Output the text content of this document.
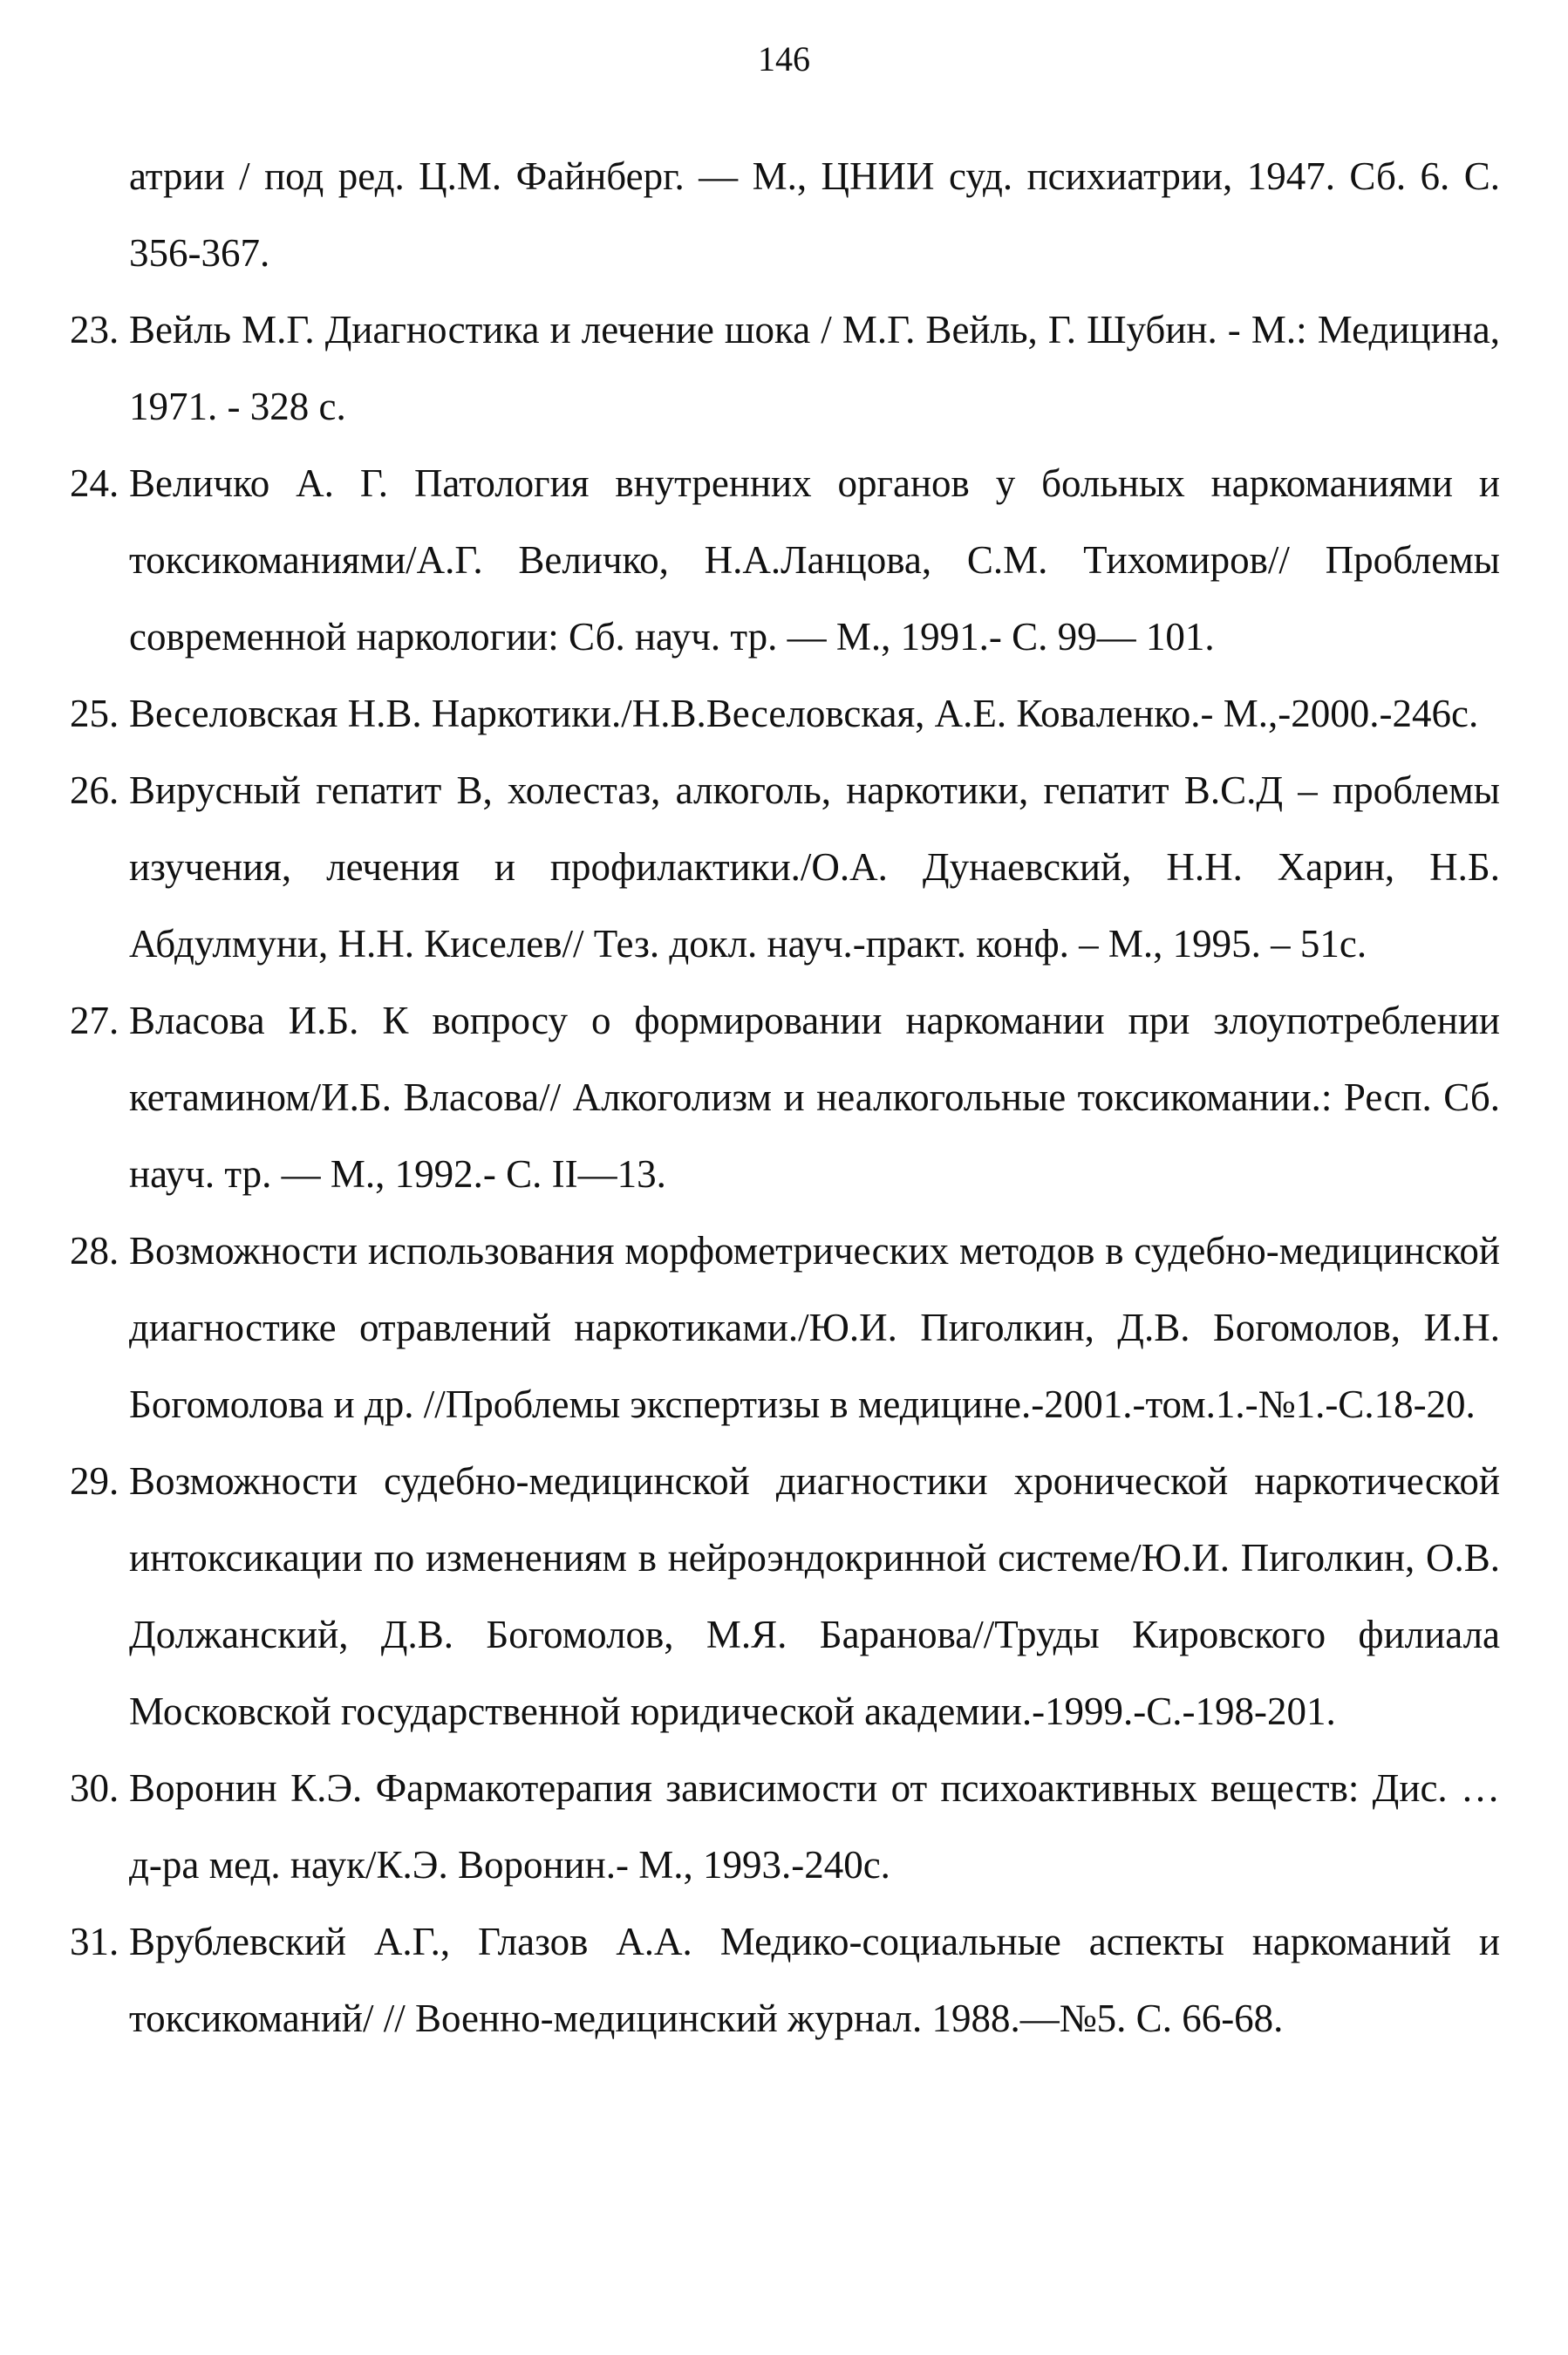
146
атрии / под ред. Ц.М. Файнберг. — М., ЦНИИ суд. психиатрии, 1947. Сб. 6. С. 356-367.
23. Вейль М.Г. Диагностика и лечение шока / М.Г. Вейль, Г. Шубин. - М.: Медицина, 1971. - 328 с.
24. Величко А. Г. Патология внутренних органов у больных наркоманиями и токсикоманиями/А.Г. Величко, Н.А.Ланцова, С.М. Тихомиров// Проблемы современной наркологии: Сб. науч. тр. — М., 1991.- С. 99— 101.
25. Веселовская Н.В. Наркотики./Н.В.Веселовская, А.Е. Коваленко.- М.,-2000.-246с.
26. Вирусный гепатит В, холестаз, алкоголь, наркотики, гепатит В.С.Д – проблемы изучения, лечения и профилактики./О.А. Дунаевский, Н.Н. Харин, Н.Б. Абдулмуни, Н.Н. Киселев// Тез. докл. науч.-практ. конф. – М., 1995. – 51с.
27. Власова И.Б. К вопросу о формировании наркомании при злоупотреблении кетамином/И.Б. Власова// Алкоголизм и неалкогольные токсикомании.: Респ. Сб. науч. тр. — М., 1992.- С. II—13.
28. Возможности использования морфометрических методов в судебно-медицинской диагностике отравлений наркотиками./Ю.И. Пиголкин, Д.В. Богомолов, И.Н. Богомолова и др. //Проблемы экспертизы в медицине.-2001.-том.1.-№1.-С.18-20.
29. Возможности судебно-медицинской диагностики хронической наркотической интоксикации по изменениям в нейроэндокринной системе/Ю.И. Пиголкин, О.В. Должанский, Д.В. Богомолов, М.Я. Баранова//Труды Кировского филиала Московской государственной юридической академии.-1999.-С.-198-201.
30. Воронин К.Э. Фармакотерапия зависимости от психоактивных веществ: Дис. …д-ра мед. наук/К.Э. Воронин.- М., 1993.-240с.
31. Врублевский А.Г., Глазов А.А. Медико-социальные аспекты наркоманий и токсикоманий/ // Военно-медицинский журнал. 1988.—№5. С. 66-68.
